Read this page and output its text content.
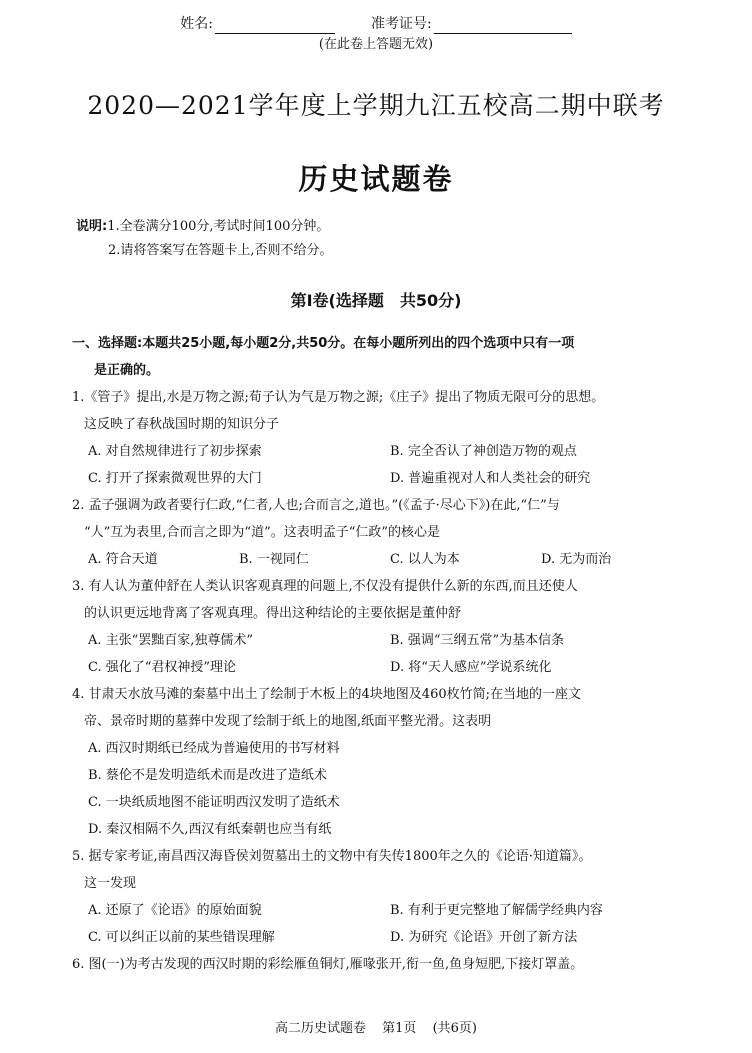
姓名:	准考证号:
(在此卷上答题无效)
2020—2021学年度上学期九江五校高二期中联考
历史试题卷
说明:1.全卷满分100分,考试时间100分钟。
2.请将答案写在答题卡上,否则不给分。
第Ⅰ卷(选择题　共50分)
一、选择题:本题共25小题,每小题2分,共50分。在每小题所列出的四个选项中只有一项
是正确的。
1.《管子》提出,水是万物之源;荀子认为气是万物之源;《庄子》提出了物质无限可分的思想。
这反映了春秋战国时期的知识分子
A. 对自然规律进行了初步探索	B. 完全否认了神创造万物的观点
C. 打开了探索微观世界的大门	D. 普遍重视对人和人类社会的研究
2. 孟子强调为政者要行仁政,“仁者,人也;合而言之,道也。”(《孟子·尽心下》)在此,“仁”与
“人”互为表里,合而言之即为“道”。这表明孟子“仁政”的核心是
A. 符合天道	B. 一视同仁	C. 以人为本	D. 无为而治
3. 有人认为董仲舒在人类认识客观真理的问题上,不仅没有提供什么新的东西,而且还使人
的认识更远地背离了客观真理。得出这种结论的主要依据是董仲舒
A. 主张“罢黜百家,独尊儒术”	B. 强调“三纲五常”为基本信条
C. 强化了“君权神授”理论	D. 将“天人感应”学说系统化
4. 甘肃天水放马滩的秦墓中出土了绘制于木板上的4块地图及460枚竹简;在当地的一座文
帝、景帝时期的墓葬中发现了绘制于纸上的地图,纸面平整光滑。这表明
A. 西汉时期纸已经成为普遍使用的书写材料
B. 蔡伦不是发明造纸术而是改进了造纸术
C. 一块纸质地图不能证明西汉发明了造纸术
D. 秦汉相隔不久,西汉有纸秦朝也应当有纸
5. 据专家考证,南昌西汉海昏侯刘贺墓出土的文物中有失传1800年之久的《论语·知道篇》。
这一发现
A. 还原了《论语》的原始面貌	B. 有利于更完整地了解儒学经典内容
C. 可以纠正以前的某些错误理解	D. 为研究《论语》开创了新方法
6. 图(一)为考古发现的西汉时期的彩绘雁鱼铜灯,雁喙张开,衔一鱼,鱼身短肥,下接灯罩盖。
高二历史试题卷 第1页 (共6页)
